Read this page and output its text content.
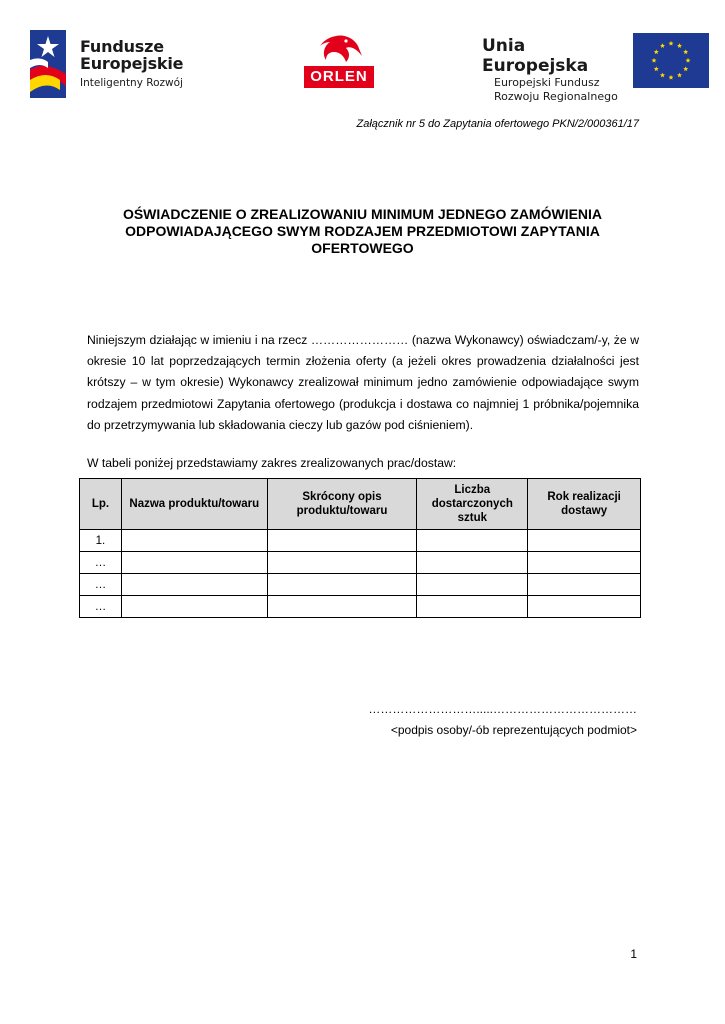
Fundusze
Europejskie
Inteligentny Rozwój	ORLEN
Unia Europejska
Europejski Fundusz
Rozwoju Regionalnego
Załącznik nr 5 do Zapytania ofertowego PKN/2/000361/17
OŚWIADCZENIE O ZREALIZOWANIU MINIMUM JEDNEGO ZAMÓWIENIA ODPOWIADAJĄCEGO SWYM RODZAJEM PRZEDMIOTOWI ZAPYTANIA OFERTOWEGO
Niniejszym działając w imieniu i na rzecz …………………… (nazwa Wykonawcy) oświadczam/-y, że w okresie 10 lat poprzedzających termin złożenia oferty (a jeżeli okres prowadzenia działalności jest krótszy – w tym okresie) Wykonawcy zrealizował minimum jedno zamówienie odpowiadające swym rodzajem przedmiotowi Zapytania ofertowego (produkcja i dostawa co najmniej 1 próbnika/pojemnika do przetrzymywania lub składowania cieczy lub gazów pod ciśnieniem).
W tabeli poniżej przedstawiamy zakres zrealizowanych prac/dostaw:
Lp.	Nazwa produktu/towaru	Skrócony opis produktu/towaru	Liczba dostarczonych sztuk	Rok realizacji dostawy
1.				
…				
…				
…				
……………………….....………………………………
<podpis osoby/-ób reprezentujących podmiot>
1
